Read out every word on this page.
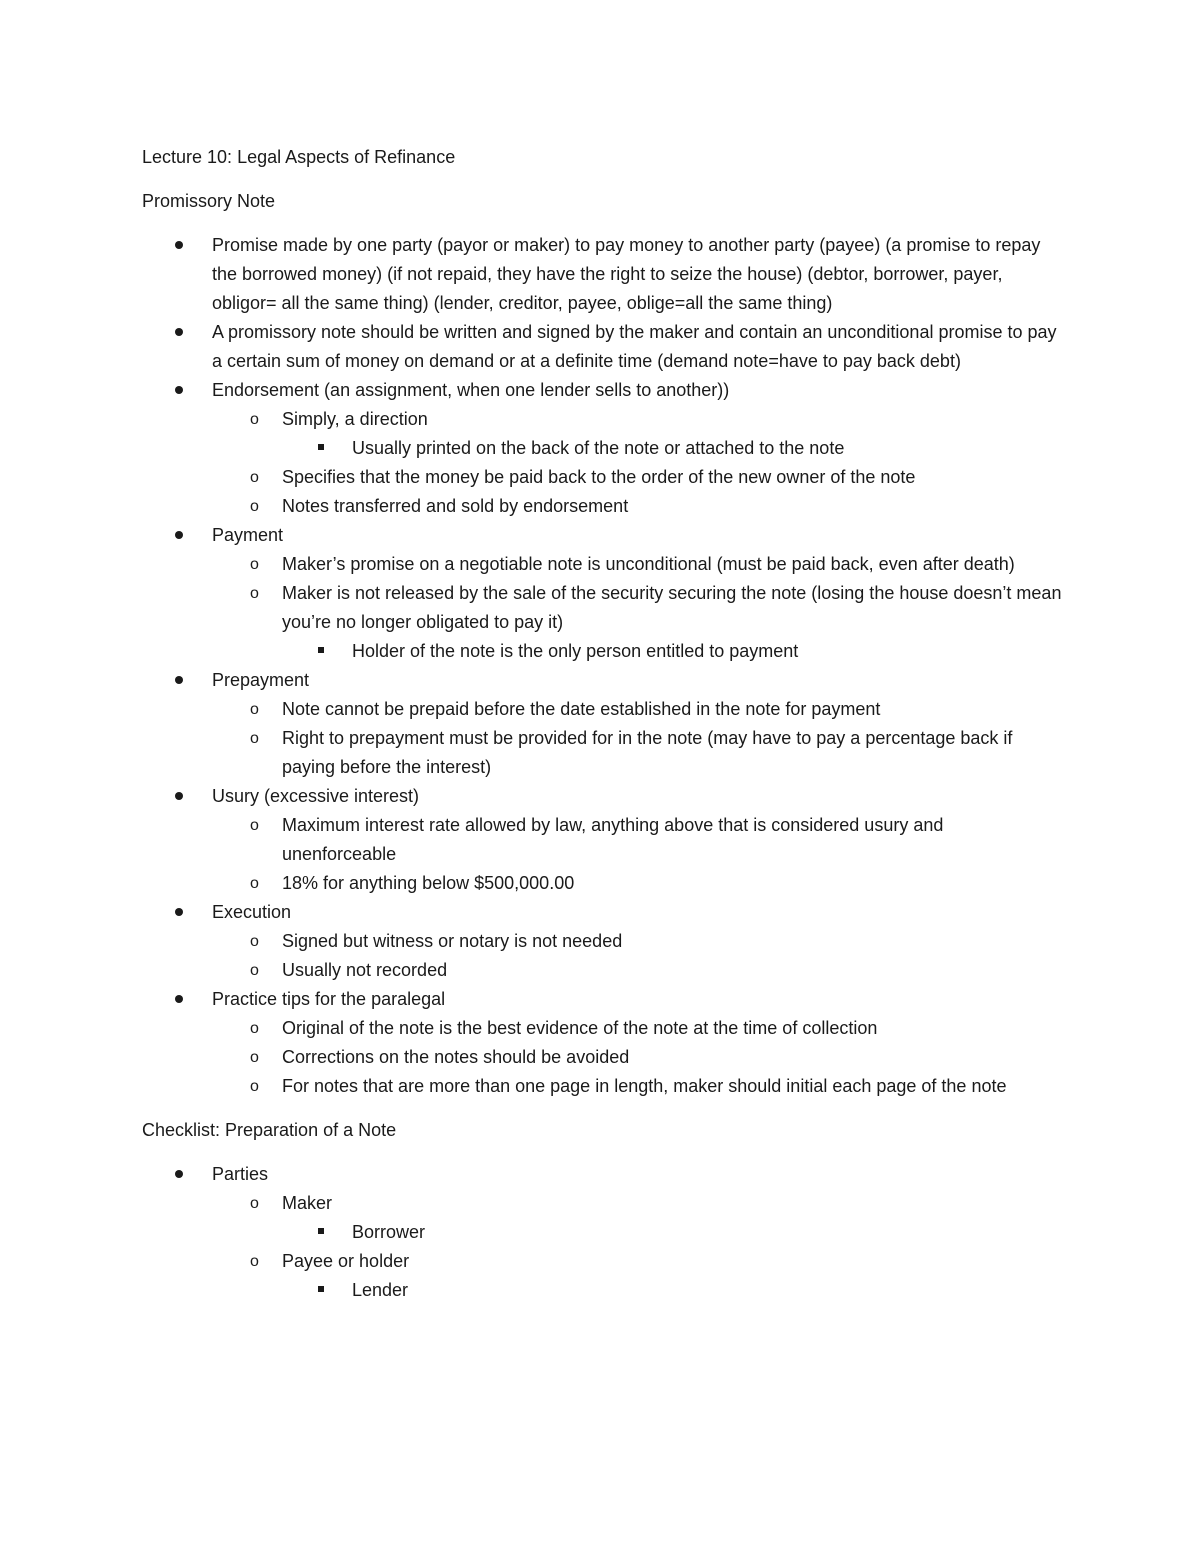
Lecture 10: Legal Aspects of Refinance

Promissory Note

Promise made by one party (payor or maker) to pay money to another party (payee) (a promise to repay the borrowed money) (if not repaid, they have the right to seize the house) (debtor, borrower, payer, obligor= all the same thing) (lender, creditor, payee, oblige=all the same thing)
A promissory note should be written and signed by the maker and contain an unconditional promise to pay a certain sum of money on demand or at a definite time (demand note=have to pay back debt)
Endorsement (an assignment, when one lender sells to another))
o Simply, a direction
Usually printed on the back of the note or attached to the note
o Specifies that the money be paid back to the order of the new owner of the note
o Notes transferred and sold by endorsement
Payment
o Maker’s promise on a negotiable note is unconditional (must be paid back, even after death)
o Maker is not released by the sale of the security securing the note (losing the house doesn’t mean you’re no longer obligated to pay it)
Holder of the note is the only person entitled to payment
Prepayment
o Note cannot be prepaid before the date established in the note for payment
o Right to prepayment must be provided for in the note (may have to pay a percentage back if paying before the interest)
Usury (excessive interest)
o Maximum interest rate allowed by law, anything above that is considered usury and unenforceable
o 18% for anything below $500,000.00
Execution
o Signed but witness or notary is not needed
o Usually not recorded
Practice tips for the paralegal
o Original of the note is the best evidence of the note at the time of collection
o Corrections on the notes should be avoided
o For notes that are more than one page in length, maker should initial each page of the note

Checklist: Preparation of a Note

Parties
o Maker
Borrower
o Payee or holder
Lender
